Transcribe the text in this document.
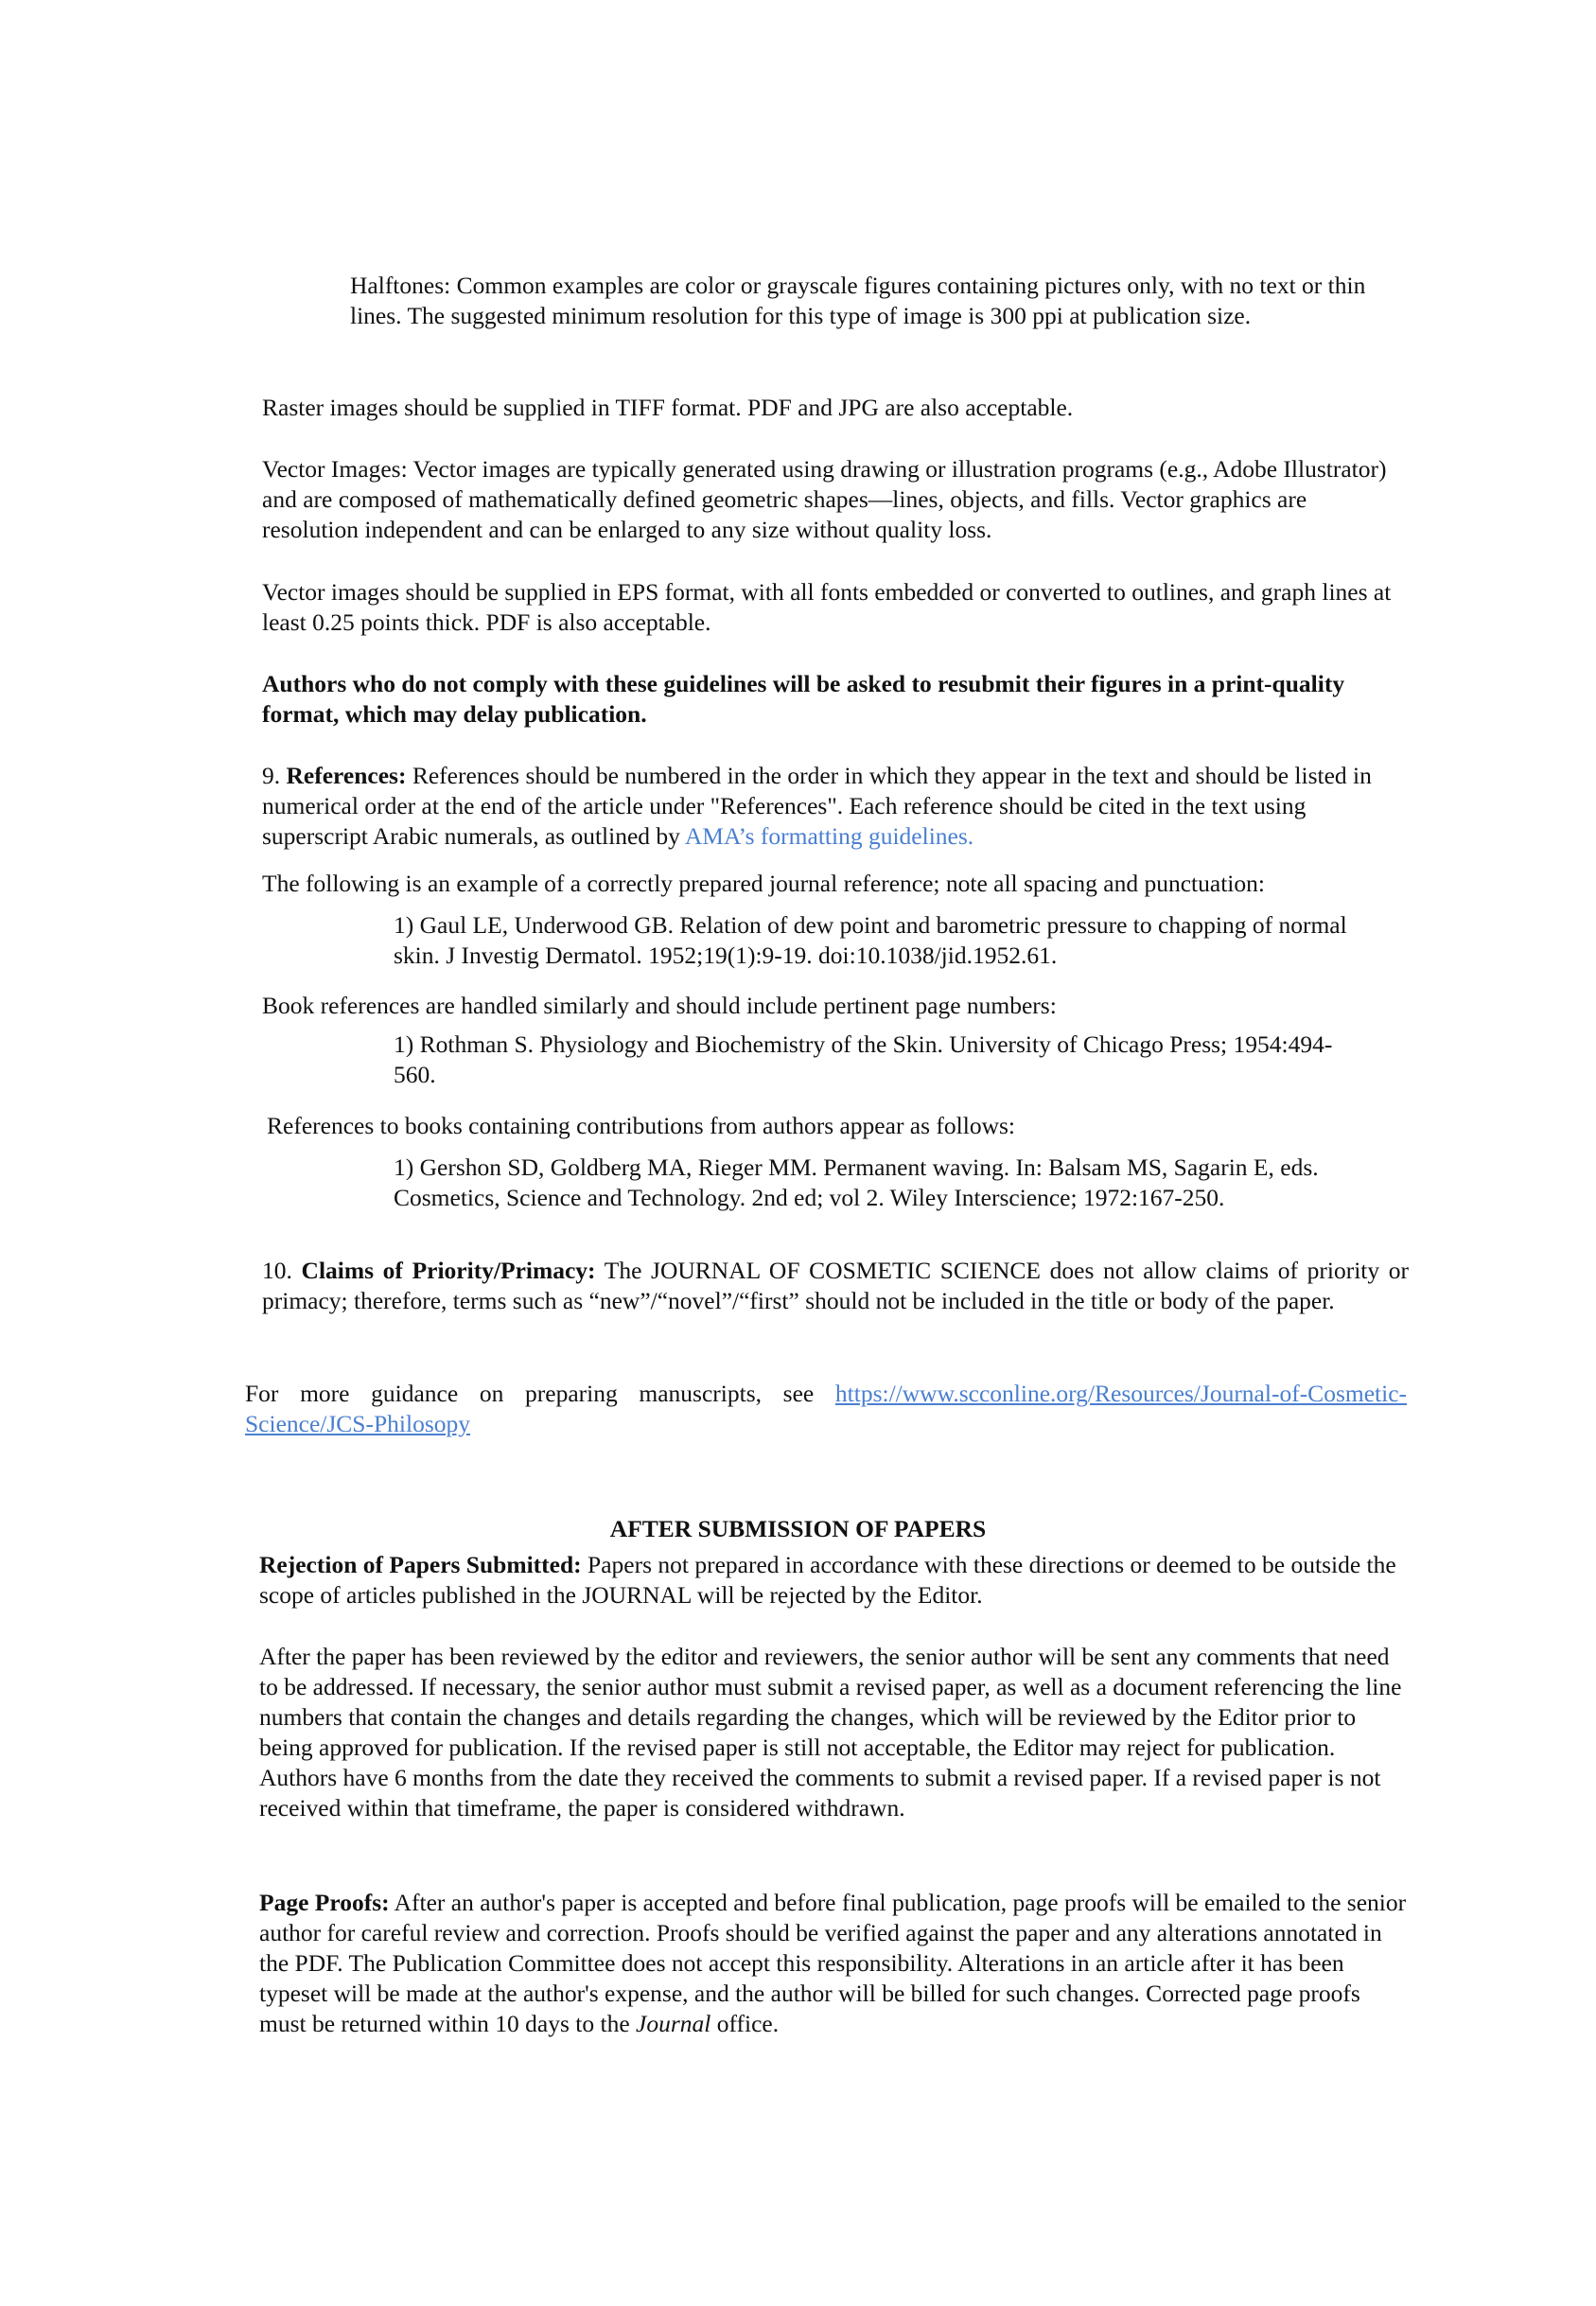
Halftones: Common examples are color or grayscale figures containing pictures only, with no text or thin lines. The suggested minimum resolution for this type of image is 300 ppi at publication size.

Raster images should be supplied in TIFF format. PDF and JPG are also acceptable.

Vector Images: Vector images are typically generated using drawing or illustration programs (e.g., Adobe Illustrator) and are composed of mathematically defined geometric shapes—lines, objects, and fills. Vector graphics are resolution independent and can be enlarged to any size without quality loss.

Vector images should be supplied in EPS format, with all fonts embedded or converted to outlines, and graph lines at least 0.25 points thick. PDF is also acceptable.

Authors who do not comply with these guidelines will be asked to resubmit their figures in a print-quality format, which may delay publication.

9. References: References should be numbered in the order in which they appear in the text and should be listed in numerical order at the end of the article under "References". Each reference should be cited in the text using superscript Arabic numerals, as outlined by AMA’s formatting guidelines.

The following is an example of a correctly prepared journal reference; note all spacing and punctuation:

1) Gaul LE, Underwood GB. Relation of dew point and barometric pressure to chapping of normal skin. J Investig Dermatol. 1952;19(1):9-19. doi:10.1038/jid.1952.61.

Book references are handled similarly and should include pertinent page numbers:

1) Rothman S. Physiology and Biochemistry of the Skin. University of Chicago Press; 1954:494-560.

References to books containing contributions from authors appear as follows:

1) Gershon SD, Goldberg MA, Rieger MM. Permanent waving. In: Balsam MS, Sagarin E, eds. Cosmetics, Science and Technology. 2nd ed; vol 2. Wiley Interscience; 1972:167-250.

10. Claims of Priority/Primacy: The JOURNAL OF COSMETIC SCIENCE does not allow claims of priority or primacy; therefore, terms such as “new”/“novel”/“first” should not be included in the title or body of the paper.

For more guidance on preparing manuscripts, see https://www.scconline.org/Resources/Journal-of-Cosmetic-Science/JCS-Philosopy

AFTER SUBMISSION OF PAPERS

Rejection of Papers Submitted: Papers not prepared in accordance with these directions or deemed to be outside the scope of articles published in the JOURNAL will be rejected by the Editor.

After the paper has been reviewed by the editor and reviewers, the senior author will be sent any comments that need to be addressed. If necessary, the senior author must submit a revised paper, as well as a document referencing the line numbers that contain the changes and details regarding the changes, which will be reviewed by the Editor prior to being approved for publication. If the revised paper is still not acceptable, the Editor may reject for publication. Authors have 6 months from the date they received the comments to submit a revised paper. If a revised paper is not received within that timeframe, the paper is considered withdrawn.

Page Proofs: After an author's paper is accepted and before final publication, page proofs will be emailed to the senior author for careful review and correction. Proofs should be verified against the paper and any alterations annotated in the PDF. The Publication Committee does not accept this responsibility. Alterations in an article after it has been typeset will be made at the author's expense, and the author will be billed for such changes. Corrected page proofs must be returned within 10 days to the Journal office.
